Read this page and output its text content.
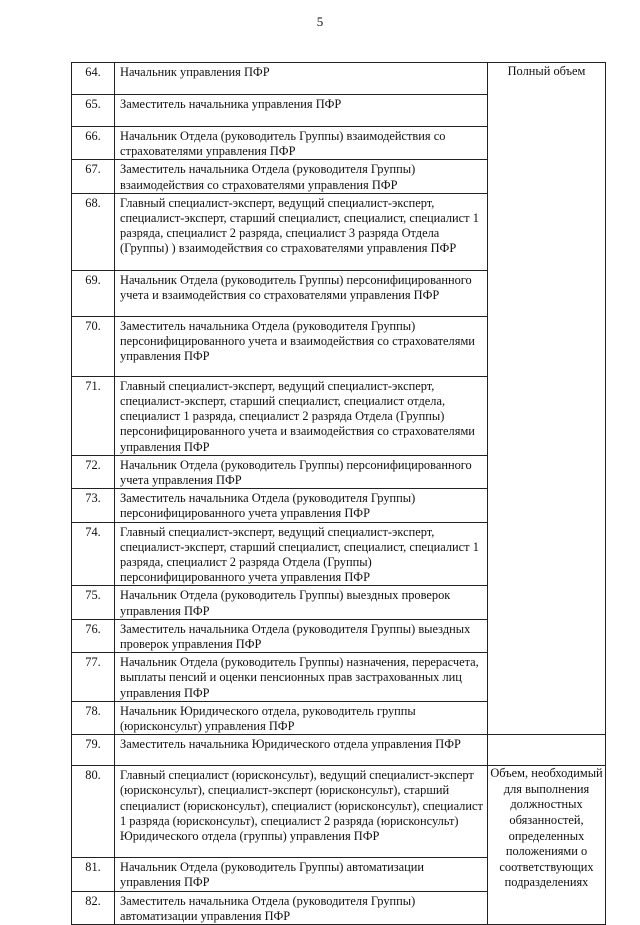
5
64.	Начальник управления ПФР	Полный объем

65.	Заместитель начальника управления ПФР	

66.	Начальник Отдела (руководитель Группы) взаимодействия со страхователями управления ПФР	

67.	Заместитель начальника Отдела (руководителя Группы) взаимодействия со страхователями управления ПФР	

68.	Главный специалист-эксперт, ведущий специалист-эксперт, специалист-эксперт, старший специалист, специалист, специалист 1 разряда, специалист 2 разряда, специалист 3 разряда Отдела (Группы) ) взаимодействия со страхователями управления ПФР	

69.	Начальник Отдела (руководитель Группы) персонифицированного учета и взаимодействия со страхователями управления ПФР	

70.	Заместитель начальника Отдела (руководителя Группы) персонифицированного учета и взаимодействия со страхователями управления ПФР	

71.	Главный специалист-эксперт, ведущий специалист-эксперт, специалист-эксперт, старший специалист, специалист отдела, специалист 1 разряда, специалист 2 разряда Отдела (Группы) персонифицированного учета и взаимодействия со страхователями управления ПФР	

72.	Начальник Отдела (руководитель Группы) персонифицированного учета управления ПФР	

73.	Заместитель начальника Отдела (руководителя Группы) персонифицированного учета управления ПФР	

74.	Главный специалист-эксперт, ведущий специалист-эксперт, специалист-эксперт, старший специалист, специалист, специалист 1 разряда, специалист 2 разряда Отдела (Группы) персонифицированного учета управления ПФР	

75.	Начальник Отдела (руководитель Группы) выездных проверок управления ПФР	

76.	Заместитель начальника Отдела (руководителя Группы) выездных проверок управления ПФР	

77.	Начальник Отдела (руководитель Группы) назначения, перерасчета, выплаты пенсий и оценки пенсионных прав застрахованных лиц управления ПФР	

78.	Начальник Юридического отдела, руководитель группы (юрисконсульт) управления ПФР	

79.	Заместитель начальника Юридического отдела управления ПФР	

80.	Главный специалист (юрисконсульт), ведущий специалист-эксперт (юрисконсульт), специалист-эксперт (юрисконсульт), старший специалист (юрисконсульт), специалист (юрисконсульт), специалист 1 разряда (юрисконсульт), специалист 2 разряда (юрисконсульт) Юридического отдела (группы) управления ПФР	Объем, необходимый для выполнения должностных обязанностей, определенных положениями о соответствующих подразделениях

81.	Начальник Отдела (руководитель Группы) автоматизации управления ПФР	

82.	Заместитель начальника Отдела (руководителя Группы) автоматизации управления ПФР	
